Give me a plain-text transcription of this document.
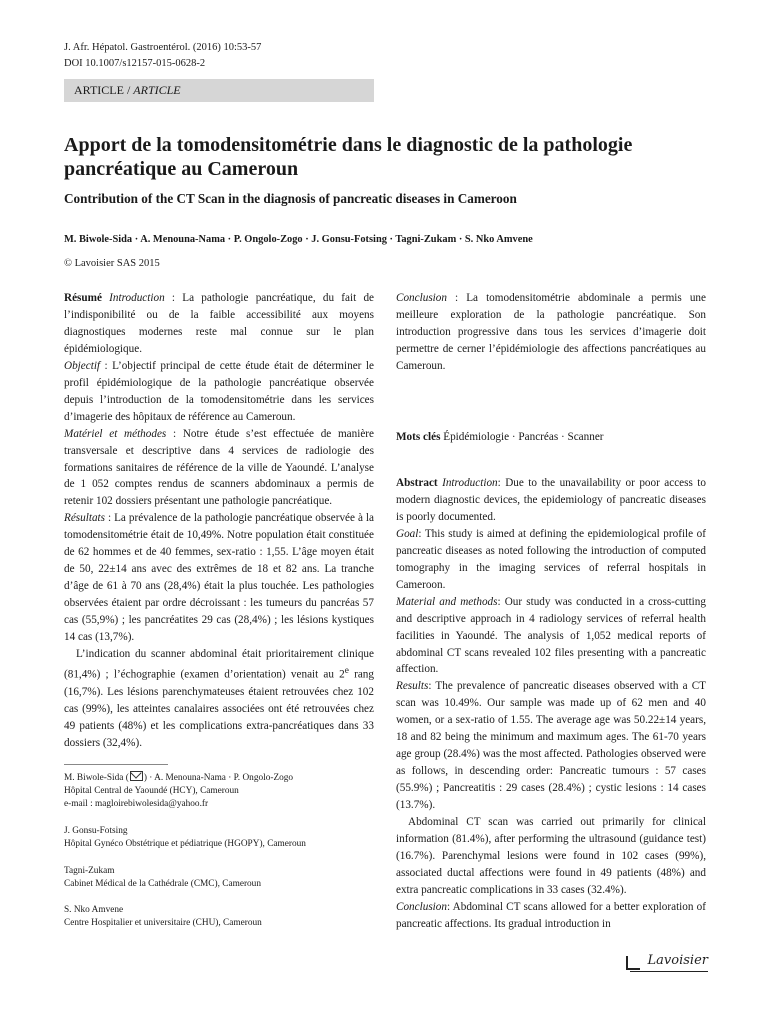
J. Afr. Hépatol. Gastroentérol. (2016) 10:53-57
DOI 10.1007/s12157-015-0628-2
ARTICLE / ARTICLE
Apport de la tomodensitométrie dans le diagnostic de la pathologie pancréatique au Cameroun
Contribution of the CT Scan in the diagnosis of pancreatic diseases in Cameroon
M. Biwole-Sida · A. Menouna-Nama · P. Ongolo-Zogo · J. Gonsu-Fotsing · Tagni-Zukam · S. Nko Amvene
© Lavoisier SAS 2015

Résumé Introduction : La pathologie pancréatique, du fait de l’indisponibilité ou de la faible accessibilité aux moyens diagnostiques modernes reste mal connue sur le plan épidémiologique.

Objectif : L’objectif principal de cette étude était de déterminer le profil épidémiologique de la pathologie pancréatique observée depuis l’introduction de la tomodensitométrie dans les services d’imagerie des hôpitaux de référence au Cameroun.

Matériel et méthodes : Notre étude s’est effectuée de manière transversale et descriptive dans 4 services de radiologie des formations sanitaires de référence de la ville de Yaoundé. L’analyse de 1 052 comptes rendus de scanners abdominaux a permis de retenir 102 dossiers présentant une pathologie pancréatique.

Résultats : La prévalence de la pathologie pancréatique observée à la tomodensitométrie était de 10,49%. Notre population était constituée de 62 hommes et de 40 femmes, sex-ratio : 1,55. L’âge moyen était de 50, 22±14 ans avec des extrêmes de 18 et 82 ans. La tranche d’âge de 61 à 70 ans (28,4%) était la plus touchée. Les pathologies observées étaient par ordre décroissant : les tumeurs du pancréas 57 cas (55,9%) ; les pancréatites 29 cas (28,4%) ; les lésions kystiques 14 cas (13,7%).

L’indication du scanner abdominal était prioritairement clinique (81,4%) ; l’échographie (examen d’orientation) venait au 2e rang (16,7%). Les lésions parenchymateuses étaient retrouvées chez 102 cas (99%), les atteintes canalaires associées ont été retrouvées chez 49 patients (48%) et les complications extra-pancréatiques dans 33 dossiers (32,4%).

Conclusion : La tomodensitométrie abdominale a permis une meilleure exploration de la pathologie pancréatique. Son introduction progressive dans tous les services d’imagerie doit permettre de cerner l’épidémiologie des affections pancréatiques au Cameroun.

Mots clés Épidémiologie · Pancréas · Scanner

Abstract Introduction: Due to the unavailability or poor access to modern diagnostic devices, the epidemiology of pancreatic diseases is poorly documented.

Goal: This study is aimed at defining the epidemiological profile of pancreatic diseases as noted following the introduction of computed tomography in the imaging services of referral hospitals in Cameroon.

Material and methods: Our study was conducted in a cross-cutting and descriptive approach in 4 radiology services of referral health facilities in Yaoundé. The analysis of 1,052 medical reports of abdominal CT scans revealed 102 files presenting with a pancreatic affection.

Results: The prevalence of pancreatic diseases observed with a CT scan was 10.49%. Our sample was made up of 62 men and 40 women, or a sex-ratio of 1.55. The average age was 50.22±14 years, 18 and 82 being the minimum and maximum ages. The 61-70 years age group (28.4%) was the most affected. Pathologies observed were as follows, in descending order: Pancreatic tumours : 57 cases (55.9%) ; Pancreatitis : 29 cases (28.4%) ; cystic lesions : 14 cases (13.7%).

Abdominal CT scan was carried out primarily for clinical information (81.4%), after performing the ultrasound (guidance test) (16.7%). Parenchymal lesions were found in 102 cases (99%), associated ductal affections were found in 49 patients (48%) and extra pancreatic complications in 33 cases (32.4%).

Conclusion: Abdominal CT scans allowed for a better exploration of pancreatic affections. Its gradual introduction in

M. Biwole-Sida ( ) · A. Menouna-Nama · P. Ongolo-Zogo
Hôpital Central de Yaoundé (HCY), Cameroun
e-mail : magloirebiwolesida@yahoo.fr
J. Gonsu-Fotsing
Hôpital Gynéco Obstétrique et pédiatrique (HGOPY), Cameroun
Tagni-Zukam
Cabinet Médical de la Cathédrale (CMC), Cameroun
S. Nko Amvene
Centre Hospitalier et universitaire (CHU), Cameroun
Lavoisier
